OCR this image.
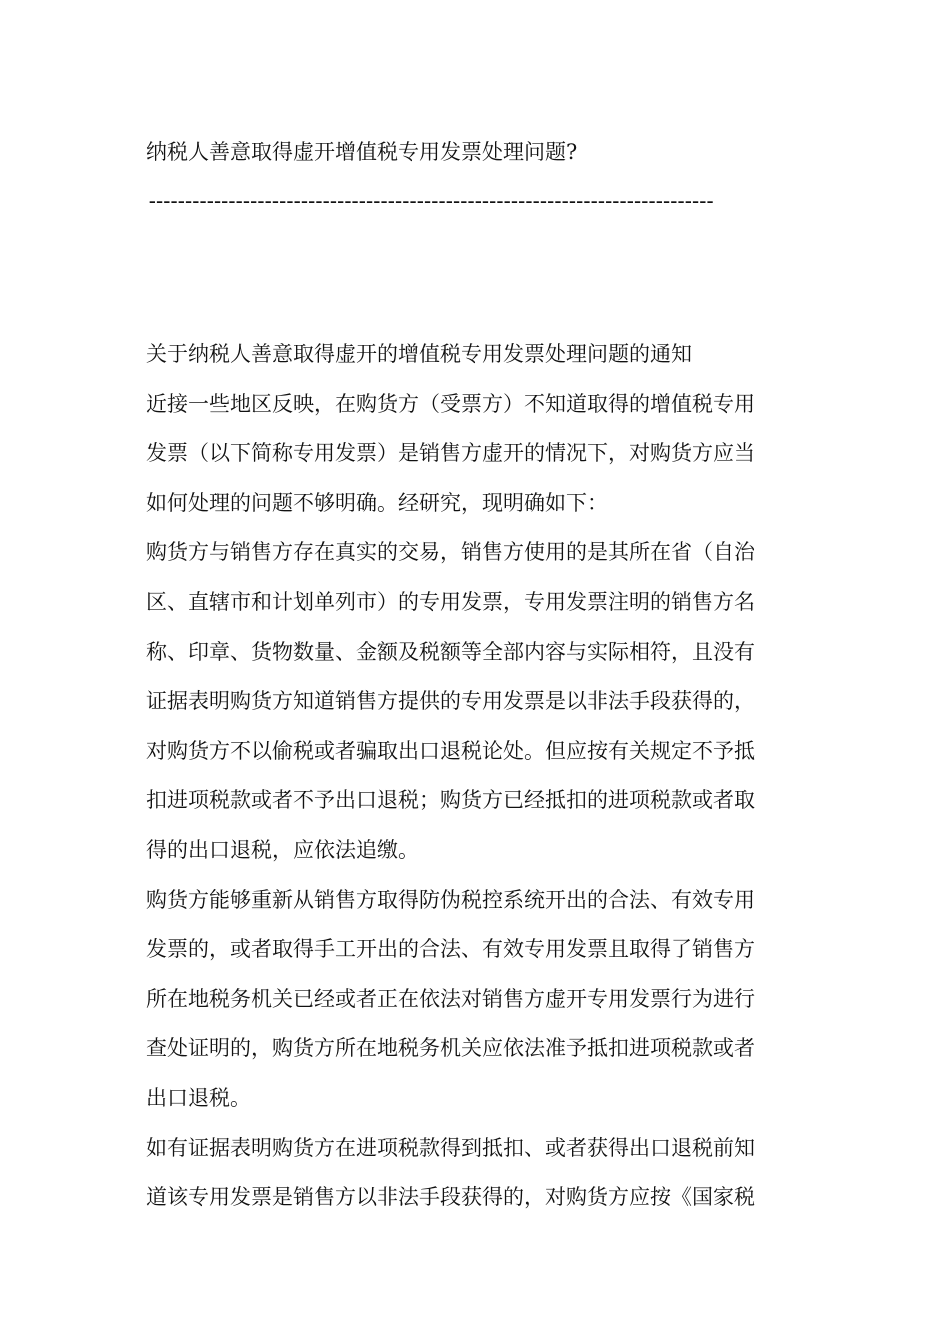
纳税人善意取得虚开增值税专用发票处理问题?
------------------------------------------------------------------------------

关于纳税人善意取得虚开的增值税专用发票处理问题的通知

近接一些地区反映，在购货方（受票方）不知道取得的增值税专用
发票（以下简称专用发票）是销售方虚开的情况下，对购货方应当
如何处理的问题不够明确。经研究，现明确如下：

购货方与销售方存在真实的交易，销售方使用的是其所在省（自治
区、直辖市和计划单列市）的专用发票，专用发票注明的销售方名
称、印章、货物数量、金额及税额等全部内容与实际相符，且没有
证据表明购货方知道销售方提供的专用发票是以非法手段获得的，
对购货方不以偷税或者骗取出口退税论处。但应按有关规定不予抵
扣进项税款或者不予出口退税；购货方已经抵扣的进项税款或者取
得的出口退税，应依法追缴。

购货方能够重新从销售方取得防伪税控系统开出的合法、有效专用
发票的，或者取得手工开出的合法、有效专用发票且取得了销售方
所在地税务机关已经或者正在依法对销售方虚开专用发票行为进行
查处证明的，购货方所在地税务机关应依法准予抵扣进项税款或者
出口退税。

如有证据表明购货方在进项税款得到抵扣、或者获得出口退税前知
道该专用发票是销售方以非法手段获得的，对购货方应按《国家税
